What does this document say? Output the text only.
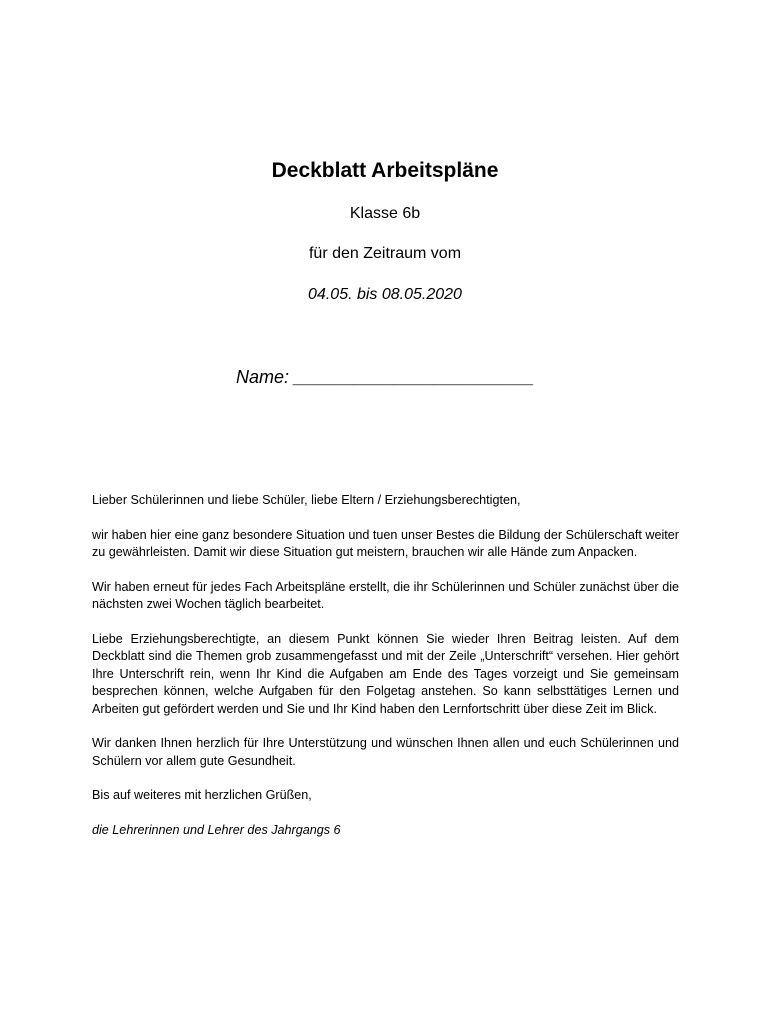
Deckblatt Arbeitspläne
Klasse 6b
für den Zeitraum vom
04.05. bis 08.05.2020
Name: ________________________

Lieber Schülerinnen und liebe Schüler, liebe Eltern / Erziehungsberechtigten,

wir haben hier eine ganz besondere Situation und tuen unser Bestes die Bildung der Schülerschaft weiter zu gewährleisten. Damit wir diese Situation gut meistern, brauchen wir alle Hände zum Anpacken.

Wir haben erneut für jedes Fach Arbeitspläne erstellt, die ihr Schülerinnen und Schüler zunächst über die nächsten zwei Wochen täglich bearbeitet.

Liebe Erziehungsberechtigte, an diesem Punkt können Sie wieder Ihren Beitrag leisten. Auf dem Deckblatt sind die Themen grob zusammengefasst und mit der Zeile „Unterschrift“ versehen. Hier gehört Ihre Unterschrift rein, wenn Ihr Kind die Aufgaben am Ende des Tages vorzeigt und Sie gemeinsam besprechen können, welche Aufgaben für den Folgetag anstehen. So kann selbsttätiges Lernen und Arbeiten gut gefördert werden und Sie und Ihr Kind haben den Lernfortschritt über diese Zeit im Blick.

Wir danken Ihnen herzlich für Ihre Unterstützung und wünschen Ihnen allen und euch Schülerinnen und Schülern vor allem gute Gesundheit.

Bis auf weiteres mit herzlichen Grüßen,

die Lehrerinnen und Lehrer des Jahrgangs 6
